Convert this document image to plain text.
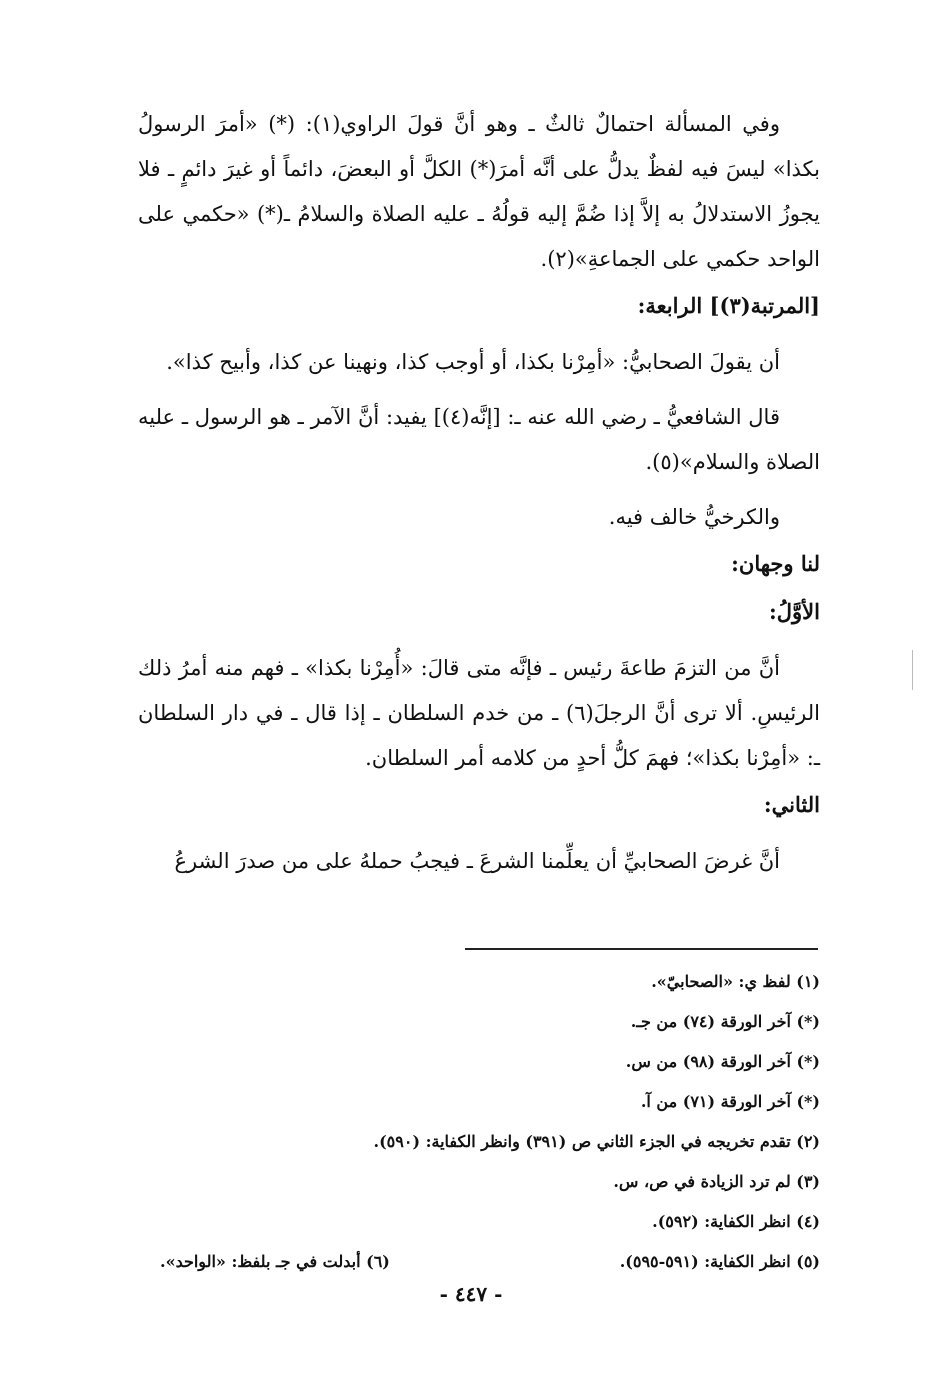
وفي المسألة احتمالٌ ثالثٌ ـ وهو أنَّ قولَ الراوي(١): (*) «أمرَ الرسولُ بكذا» ليسَ فيه لفظٌ يدلُّ على أنَّه أمرَ(*) الكلَّ أو البعضَ، دائماً أو غيرَ دائمٍ ـ فلا يجوزُ الاستدلالُ به إلاَّ إذا ضُمَّ إليه قولُهُ ـ عليه الصلاة والسلامُ ـ(*) «حكمي على الواحد حكمي على الجماعةِ»(٢).

[المرتبة(٣)] الرابعة:

أن يقولَ الصحابيُّ: «أمِرْنا بكذا، أو أوجب كذا، ونهينا عن كذا، وأبيح كذا».

قال الشافعيُّ ـ رضي الله عنه ـ: [إنَّه(٤)] يفيد: أنَّ الآمر ـ هو الرسول ـ عليه الصلاة والسلام»(٥).

والكرخيُّ خالف فيه.

لنا وجهان:

الأوَّلُ:

أنَّ من التزمَ طاعةَ رئيس ـ فإنَّه متى قالَ: «أُمِرْنا بكذا» ـ فهم منه أمرُ ذلك الرئيسِ. ألا ترى أنَّ الرجلَ(٦) ـ من خدم السلطان ـ إذا قال ـ في دار السلطان ـ: «أمِرْنا بكذا»؛ فهمَ كلُّ أحدٍ من كلامه أمر السلطان.

الثاني:

أنَّ غرضَ الصحابيِّ أن يعلِّمنا الشرعَ ـ فيجبُ حملهُ على من صدرَ الشرعُ

(١) لفظ ي: «الصحابيّ».

(*) آخر الورقة (٧٤) من جـ.

(*) آخر الورقة (٩٨) من س.

(*) آخر الورقة (٧١) من آ.

(٢) تقدم تخريجه في الجزء الثاني ص (٣٩١) وانظر الكفاية: (٥٩٠).

(٣) لم ترد الزيادة في ص، س.

(٤) انظر الكفاية: (٥٩٢).

(٥) انظر الكفاية: (٥٩١-٥٩٥).

(٦) أبدلت في جـ بلفظ: «الواحد».

- ٤٤٧ -
